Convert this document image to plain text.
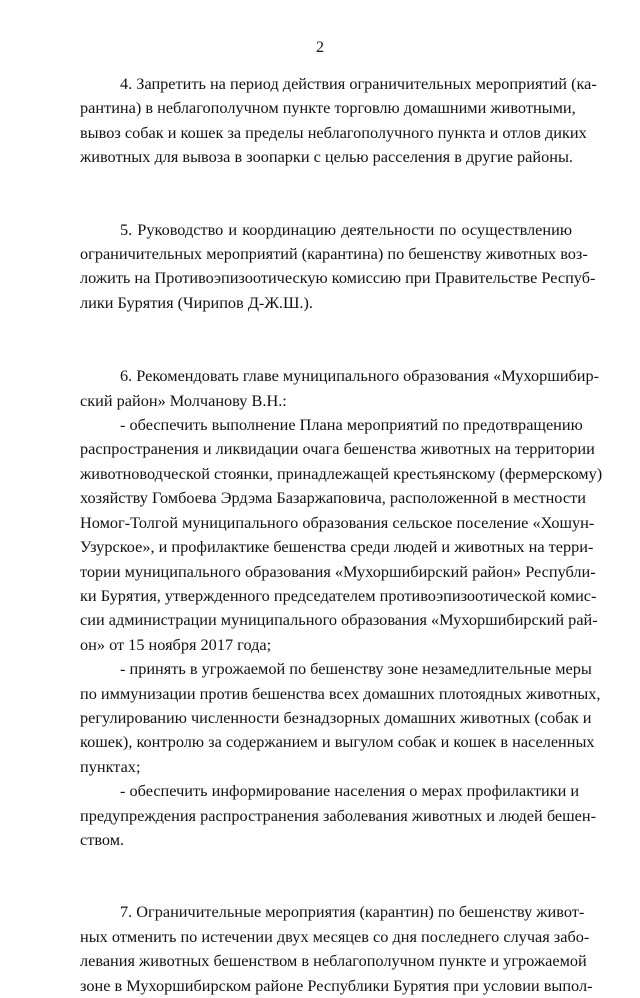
2

4. Запретить на период действия ограничительных мероприятий (ка-
рантина) в неблагополучном пункте торговлю домашними животными,
вывоз собак и кошек за пределы неблагополучного пункта и отлов диких
животных для вывоза в зоопарки с целью расселения в другие районы.

5. Руководство и координацию деятельности по осуществлению
ограничительных мероприятий (карантина) по бешенству животных воз-
ложить на Противоэпизоотическую комиссию при Правительстве Респуб-
лики Бурятия (Чирипов Д-Ж.Ш.).

6. Рекомендовать главе муниципального образования «Мухоршибир-
ский район» Молчанову В.Н.:
- обеспечить выполнение Плана мероприятий по предотвращению
распространения и ликвидации очага бешенства животных на территории
животноводческой стоянки, принадлежащей крестьянскому (фермерскому)
хозяйству Гомбоева Эрдэма Базаржаповича, расположенной в местности
Номог-Толгой муниципального образования сельское поселение «Хошун-
Узурское», и профилактике бешенства среди людей и животных на терри-
тории муниципального образования «Мухоршибирский район» Республи-
ки Бурятия, утвержденного председателем противоэпизоотической комис-
сии администрации муниципального образования «Мухоршибирский рай-
он» от 15 ноября 2017 года;
- принять в угрожаемой по бешенству зоне незамедлительные меры
по иммунизации против бешенства всех домашних плотоядных животных,
регулированию численности безнадзорных домашних животных (собак и
кошек), контролю за содержанием и выгулом собак и кошек в населенных
пунктах;
- обеспечить информирование населения о мерах профилактики и
предупреждения распространения заболевания животных и людей бешен-
ством.

7. Ограничительные мероприятия (карантин) по бешенству живот-
ных отменить по истечении двух месяцев со дня последнего случая забо-
левания животных бешенством в неблагополучном пункте и угрожаемой
зоне в Мухоршибирском районе Республики Бурятия при условии выпол-
